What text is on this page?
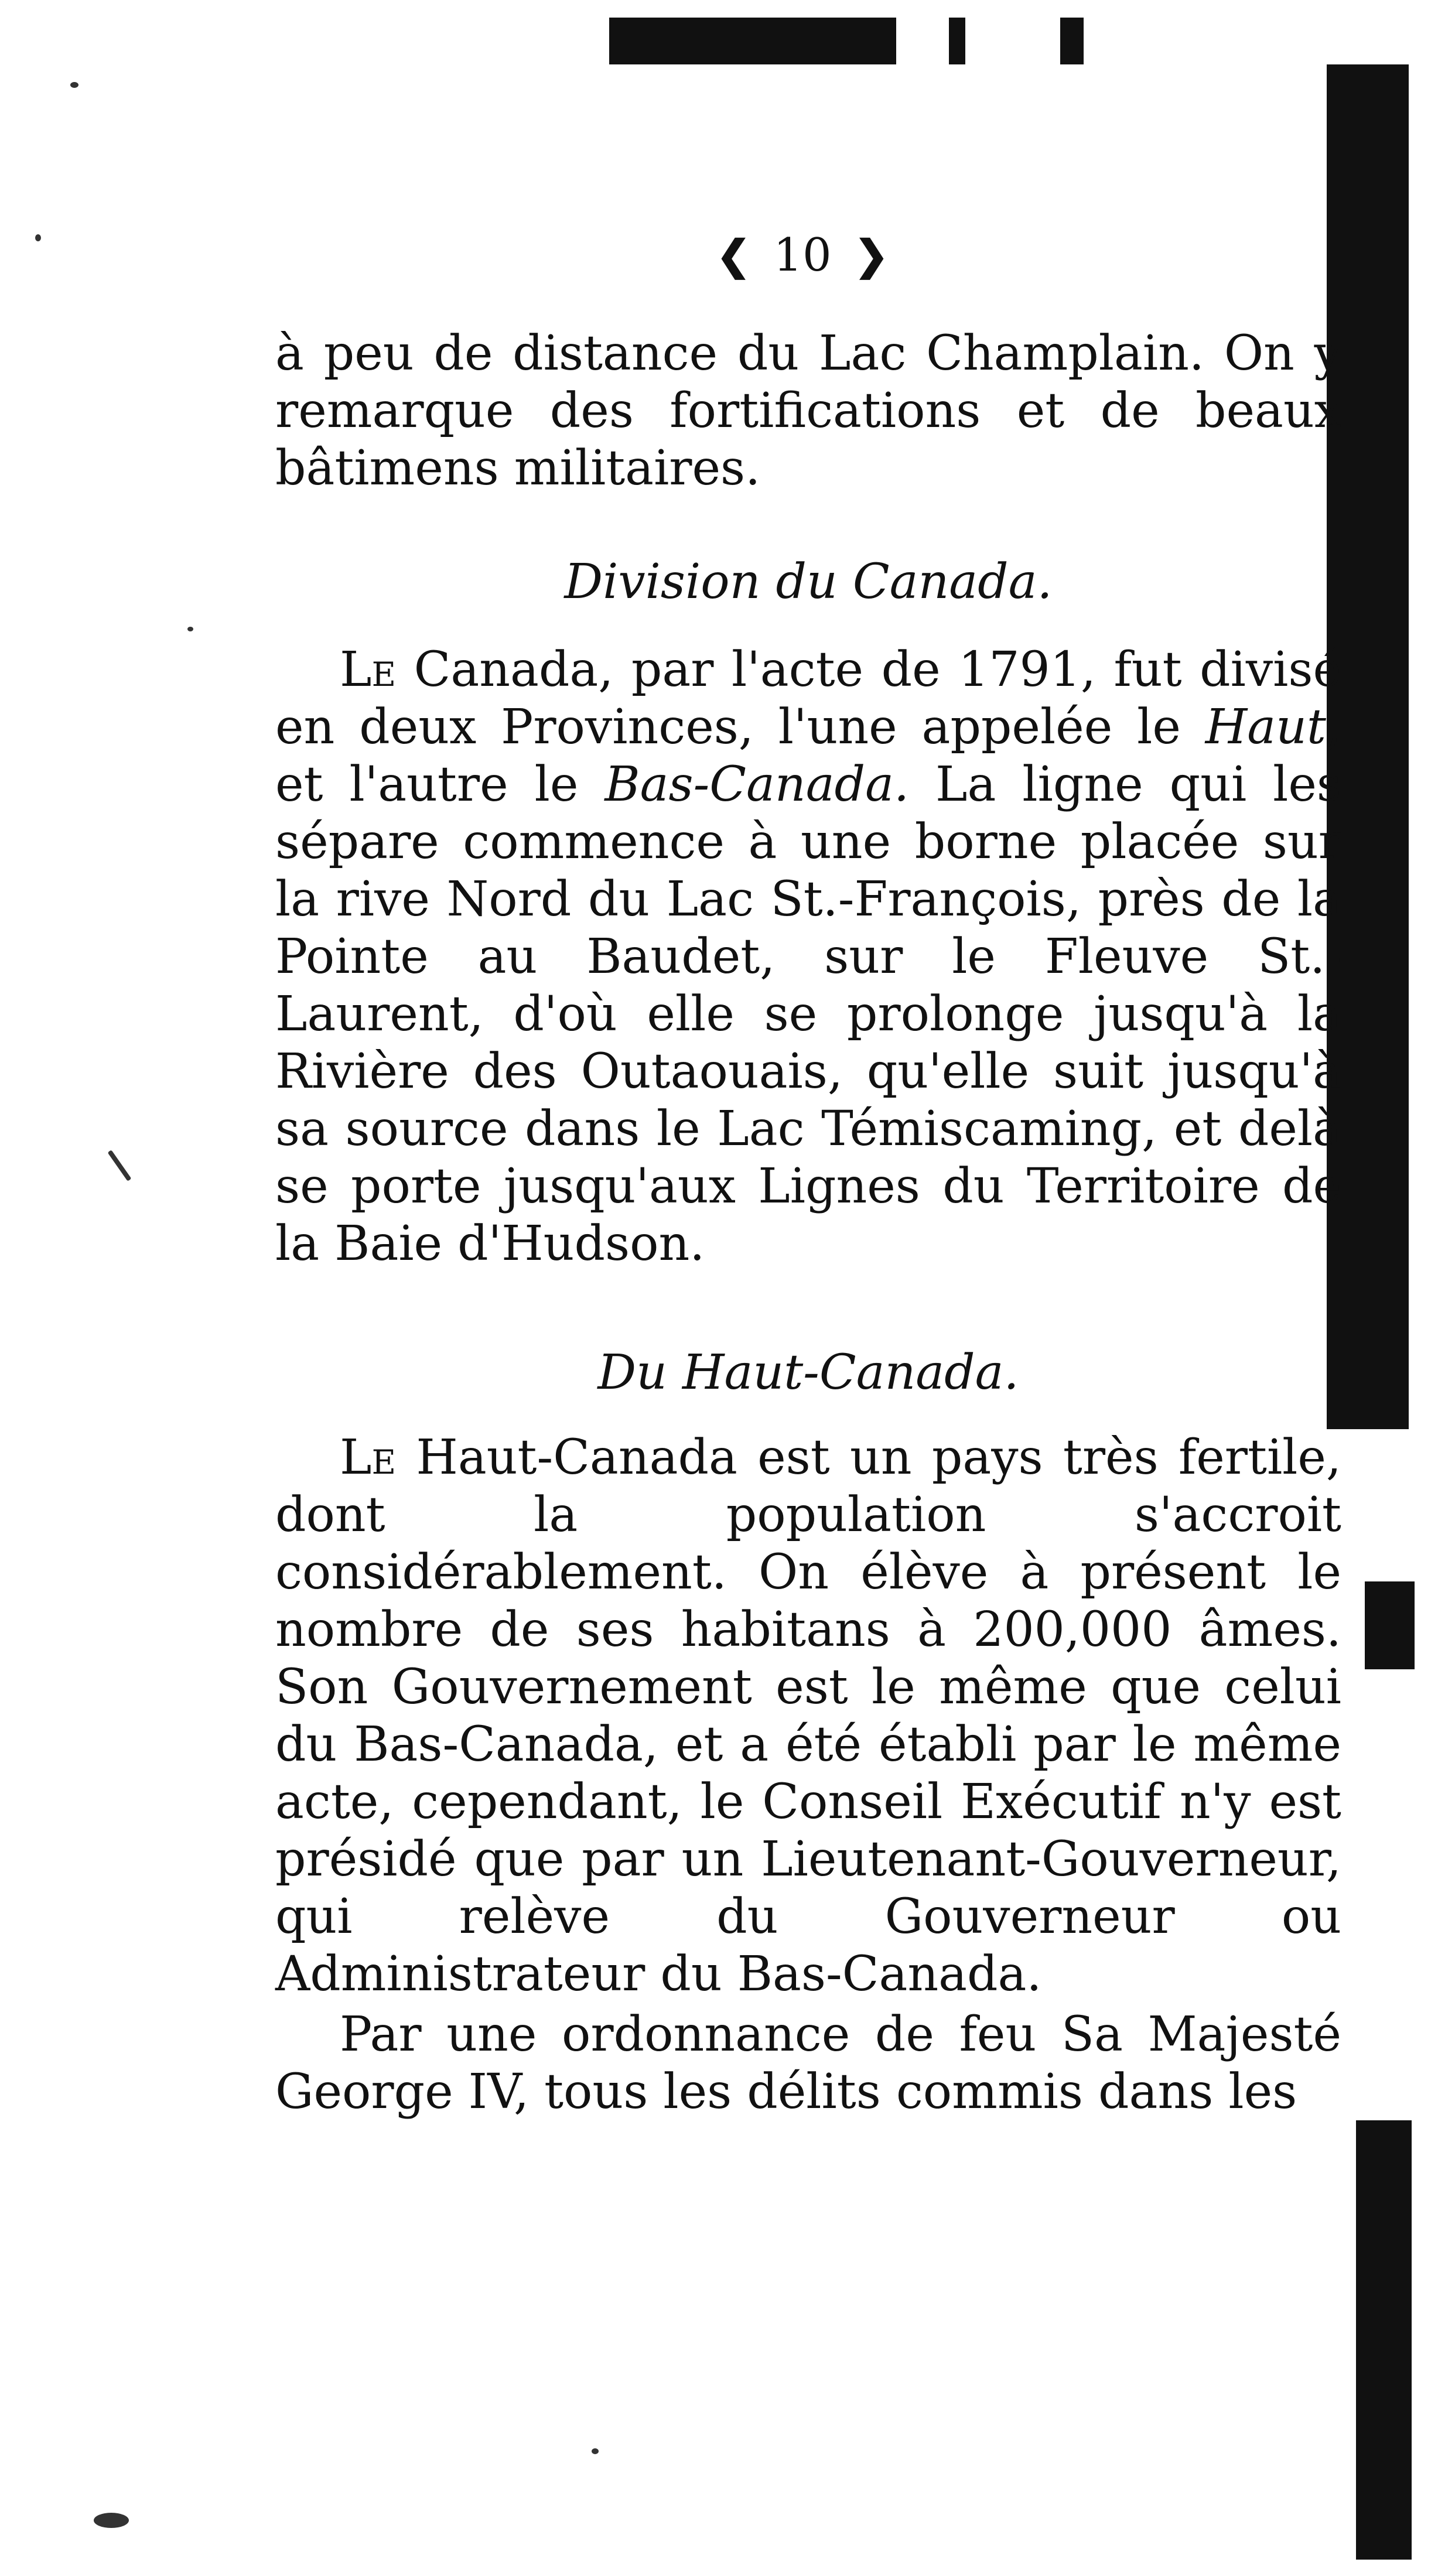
❮ 10 ❯
à peu de distance du Lac Champlain. On y remarque des fortifications et de beaux bâtimens militaires.
Division du Canada.
Le Canada, par l'acte de 1791, fut divisé en deux Provinces, l'une appelée le Haut, et l'autre le Bas-Canada. La ligne qui les sépare commence à une borne placée sur la rive Nord du Lac St.-François, près de la Pointe au Baudet, sur le Fleuve St.-Laurent, d'où elle se prolonge jusqu'à la Rivière des Outaouais, qu'elle suit jusqu'à sa source dans le Lac Témiscaming, et delà se porte jusqu'aux Lignes du Territoire de la Baie d'Hudson.
Du Haut-Canada.
Le Haut-Canada est un pays très fertile, dont la population s'accroit considérablement. On élève à présent le nombre de ses habitans à 200,000 âmes. Son Gouvernement est le même que celui du Bas-Canada, et a été établi par le même acte, cependant, le Conseil Exécutif n'y est présidé que par un Lieutenant-Gouverneur, qui relève du Gouverneur ou Administrateur du Bas-Canada.
Par une ordonnance de feu Sa Majesté George IV, tous les délits commis dans les
